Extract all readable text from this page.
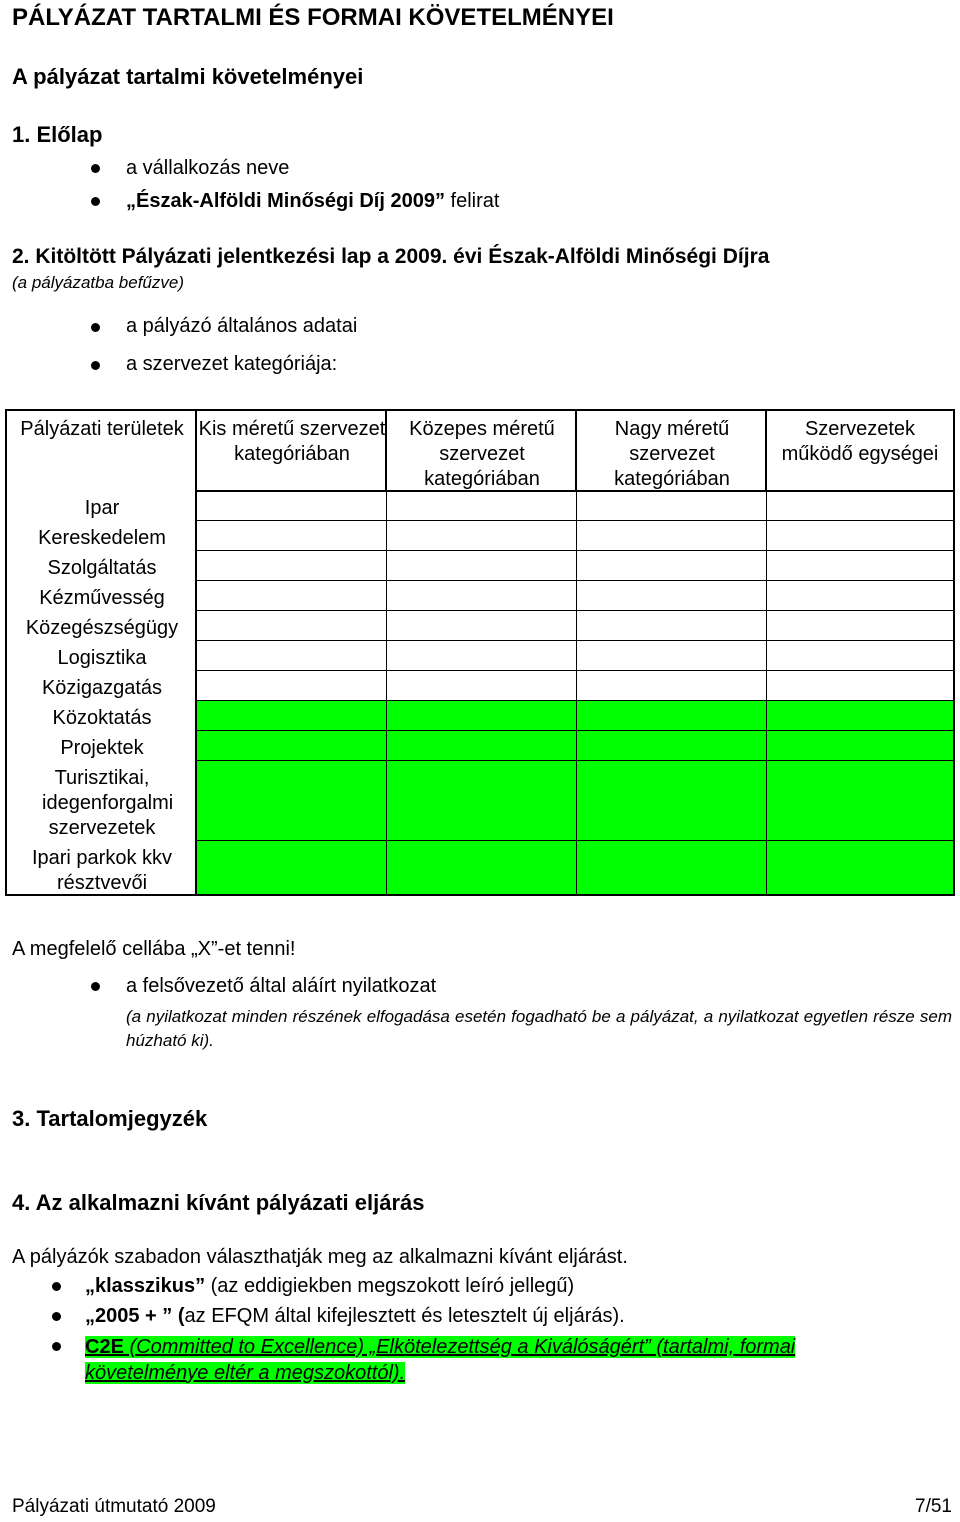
PÁLYÁZAT TARTALMI ÉS FORMAI KÖVETELMÉNYEI
A pályázat tartalmi követelményei
1. Előlap
a vállalkozás neve
„Észak-Alföldi Minőségi Díj 2009” felirat
2. Kitöltött Pályázati jelentkezési lap a 2009. évi Észak-Alföldi Minőségi Díjra
(a pályázatba befűzve)
a pályázó általános adatai
a szervezet kategóriája:
Pályázati területek Kis méretű szervezet kategóriában
Közepes méretű szervezet kategóriában
Nagy méretű szervezet kategóriában
Szervezetek működő egységei
Ipar
Kereskedelem
Szolgáltatás
Kézművesség
Közegészségügy
Logisztika
Közigazgatás
Közoktatás
Projektek
Turisztikai, idegenforgalmi szervezetek
Ipari parkok kkv résztvevői
A megfelelő cellába „X”-et tenni!
a felsővezető által aláírt nyilatkozat
(a nyilatkozat minden részének elfogadása esetén fogadható be a pályázat, a nyilatkozat egyetlen része sem húzható ki).
3. Tartalomjegyzék
4. Az alkalmazni kívánt pályázati eljárás
A pályázók szabadon választhatják meg az alkalmazni kívánt eljárást.
„klasszikus” (az eddigiekben megszokott leíró jellegű)
„2005 + ” (az EFQM által kifejlesztett és letesztelt új eljárás).
C2E (Committed to Excellence) „Elkötelezettség a Kiválóságért” (tartalmi, formai
követelménye eltér a megszokottól).
Pályázati útmutató 2009	7/51
